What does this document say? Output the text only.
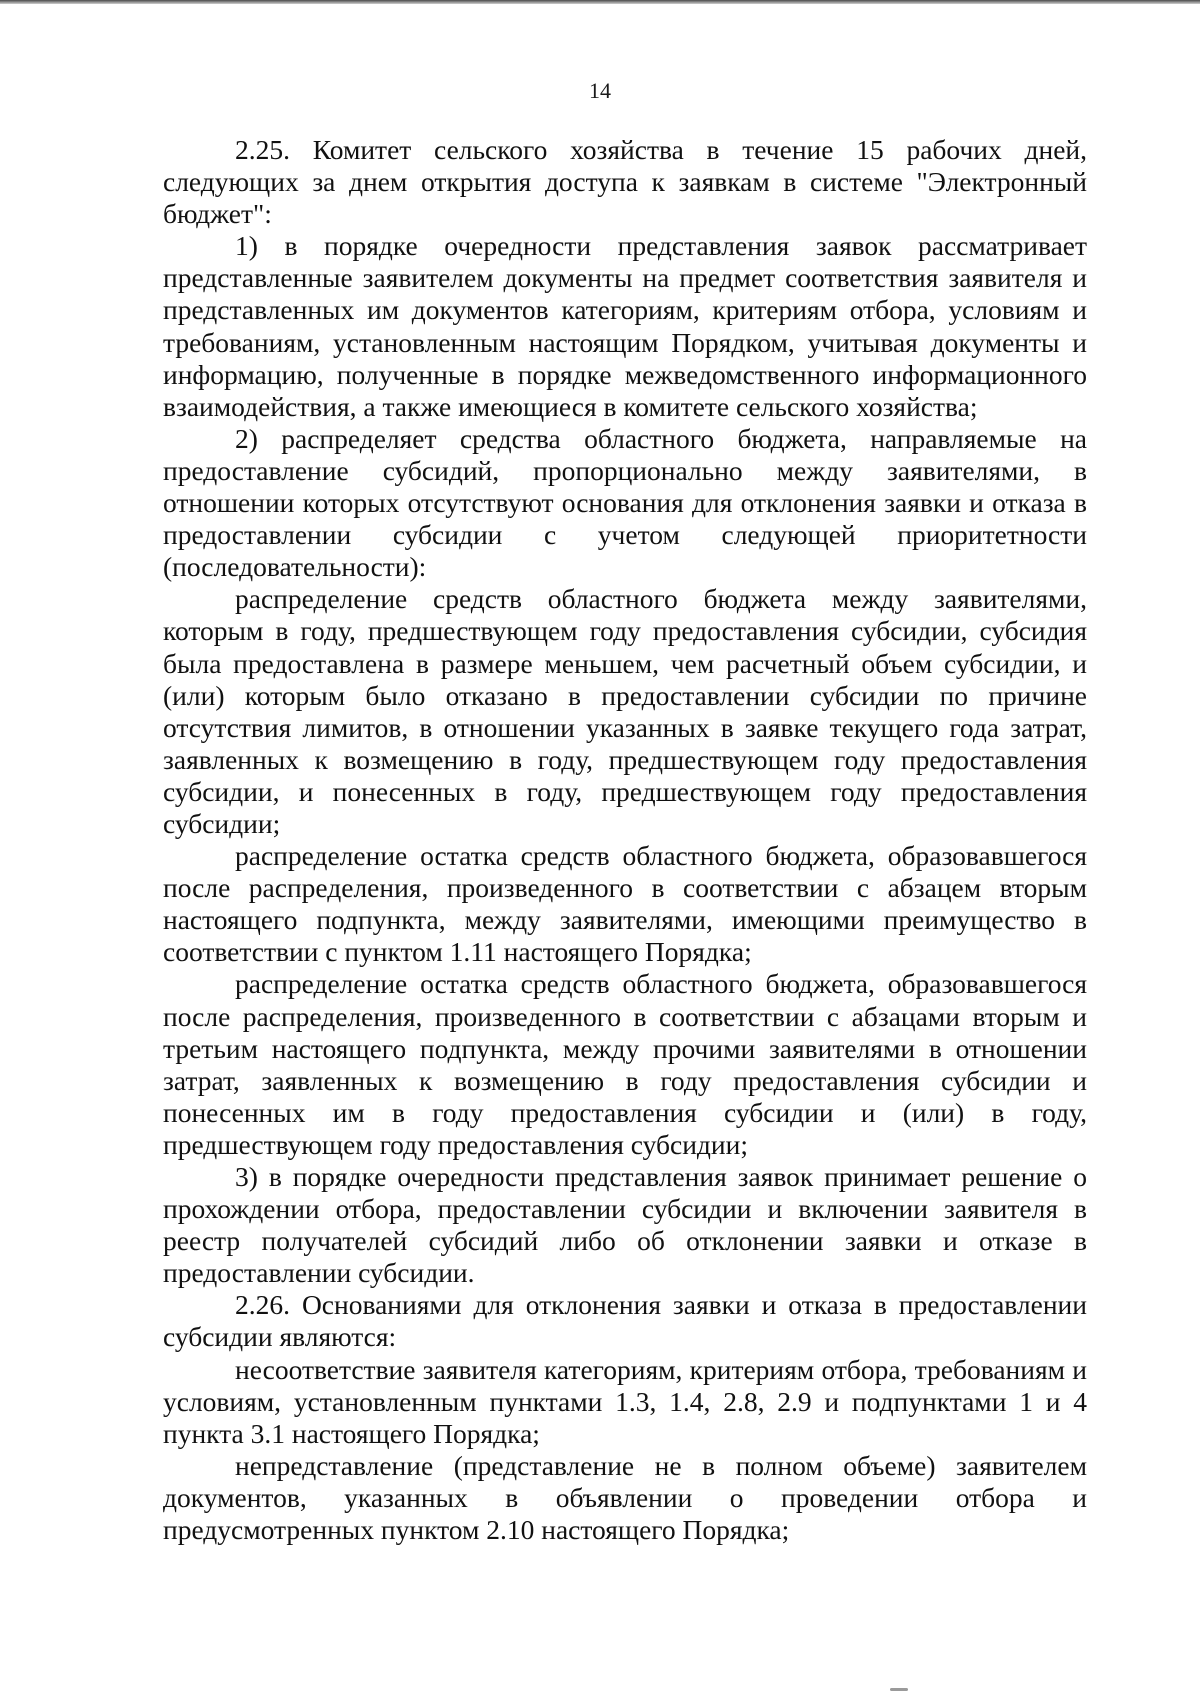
14

2.25. Комитет сельского хозяйства в течение 15 рабочих дней, следующих за днем открытия доступа к заявкам в системе "Электронный бюджет":

1) в порядке очередности представления заявок рассматривает представленные заявителем документы на предмет соответствия заявителя и представленных им документов категориям, критериям отбора, условиям и требованиям, установленным настоящим Порядком, учитывая документы и информацию, полученные в порядке межведомственного информационного взаимодействия, а также имеющиеся в комитете сельского хозяйства;

2) распределяет средства областного бюджета, направляемые на предоставление субсидий, пропорционально между заявителями, в отношении которых отсутствуют основания для отклонения заявки и отказа в предоставлении субсидии с учетом следующей приоритетности (последовательности):

распределение средств областного бюджета между заявителями, которым в году, предшествующем году предоставления субсидии, субсидия была предоставлена в размере меньшем, чем расчетный объем субсидии, и (или) которым было отказано в предоставлении субсидии по причине отсутствия лимитов, в отношении указанных в заявке текущего года затрат, заявленных к возмещению в году, предшествующем году предоставления субсидии, и понесенных в году, предшествующем году предоставления субсидии;

распределение остатка средств областного бюджета, образовавшегося после распределения, произведенного в соответствии с абзацем вторым настоящего подпункта, между заявителями, имеющими преимущество в соответствии с пунктом 1.11 настоящего Порядка;

распределение остатка средств областного бюджета, образовавшегося после распределения, произведенного в соответствии с абзацами вторым и третьим настоящего подпункта, между прочими заявителями в отношении затрат, заявленных к возмещению в году предоставления субсидии и понесенных им в году предоставления субсидии и (или) в году, предшествующем году предоставления субсидии;

3) в порядке очередности представления заявок принимает решение о прохождении отбора, предоставлении субсидии и включении заявителя в реестр получателей субсидий либо об отклонении заявки и отказе в предоставлении субсидии.

2.26. Основаниями для отклонения заявки и отказа в предоставлении субсидии являются:

несоответствие заявителя категориям, критериям отбора, требованиям и условиям, установленным пунктами 1.3, 1.4, 2.8, 2.9 и подпунктами 1 и 4 пункта 3.1 настоящего Порядка;

непредставление (представление не в полном объеме) заявителем документов, указанных в объявлении о проведении отбора и предусмотренных пунктом 2.10 настоящего Порядка;
